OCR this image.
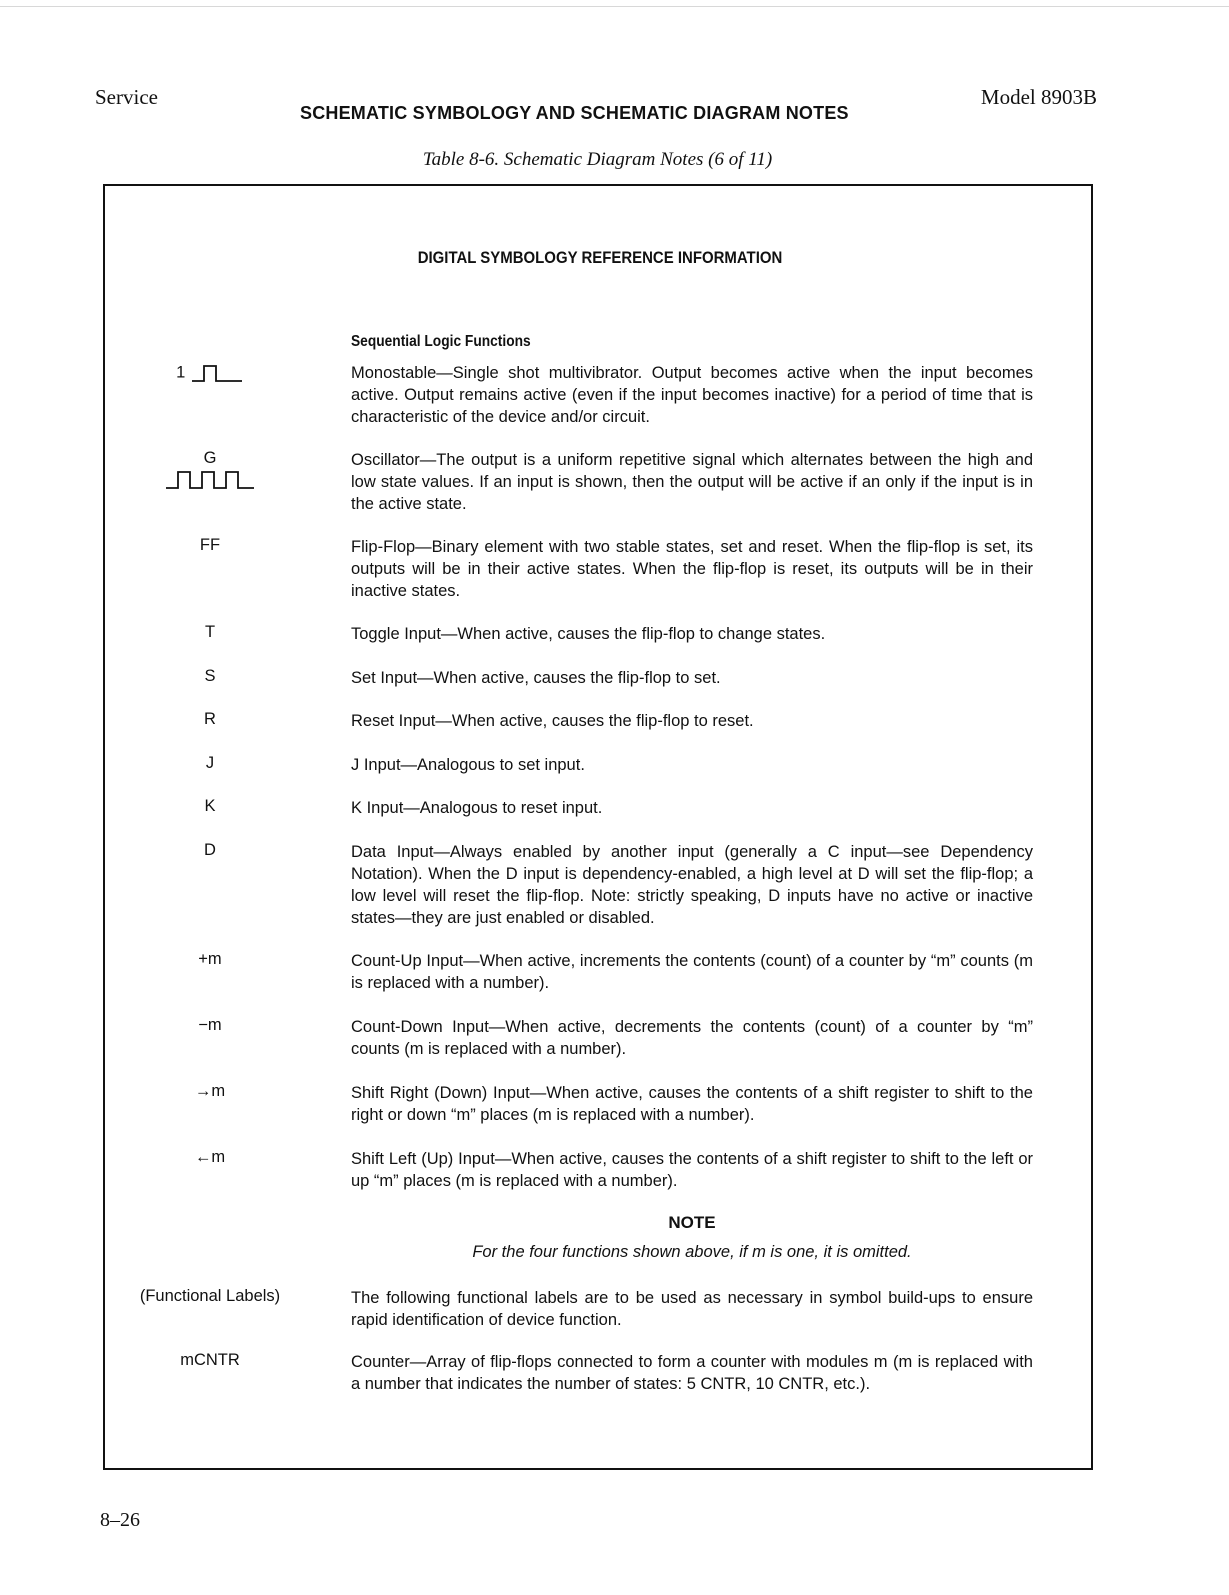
Service	Model 8903B
SCHEMATIC SYMBOLOGY AND SCHEMATIC DIAGRAM NOTES
Table 8-6. Schematic Diagram Notes (6 of 11)
DIGITAL SYMBOLOGY REFERENCE INFORMATION
Sequential Logic Functions
1	Monostable—Single shot multivibrator. Output becomes active when the input becomes active. Output remains active (even if the input becomes inactive) for a period of time that is characteristic of the device and/or circuit.
G	Oscillator—The output is a uniform repetitive signal which alternates between the high and low state values. If an input is shown, then the output will be active if an only if the input is in the active state.
FF	Flip-Flop—Binary element with two stable states, set and reset. When the flip-flop is set, its outputs will be in their active states. When the flip-flop is reset, its outputs will be in their inactive states.
T	Toggle Input—When active, causes the flip-flop to change states.
S	Set Input—When active, causes the flip-flop to set.
R	Reset Input—When active, causes the flip-flop to reset.
J	J Input—Analogous to set input.
K	K Input—Analogous to reset input.
D	Data Input—Always enabled by another input (generally a C input—see Dependency Notation). When the D input is dependency-enabled, a high level at D will set the flip-flop; a low level will reset the flip-flop. Note: strictly speaking, D inputs have no active or inactive states—they are just enabled or disabled.
+m	Count-Up Input—When active, increments the contents (count) of a counter by “m” counts (m is replaced with a number).
−m	Count-Down Input—When active, decrements the contents (count) of a counter by “m” counts (m is replaced with a number).
→m	Shift Right (Down) Input—When active, causes the contents of a shift register to shift to the right or down “m” places (m is replaced with a number).
←m	Shift Left (Up) Input—When active, causes the contents of a shift register to shift to the left or up “m” places (m is replaced with a number).
NOTE
For the four functions shown above, if m is one, it is omitted.
(Functional Labels)	The following functional labels are to be used as necessary in symbol build-ups to ensure rapid identification of device function.
mCNTR	Counter—Array of flip-flops connected to form a counter with modules m (m is replaced with a number that indicates the number of states: 5 CNTR, 10 CNTR, etc.).
8–26
